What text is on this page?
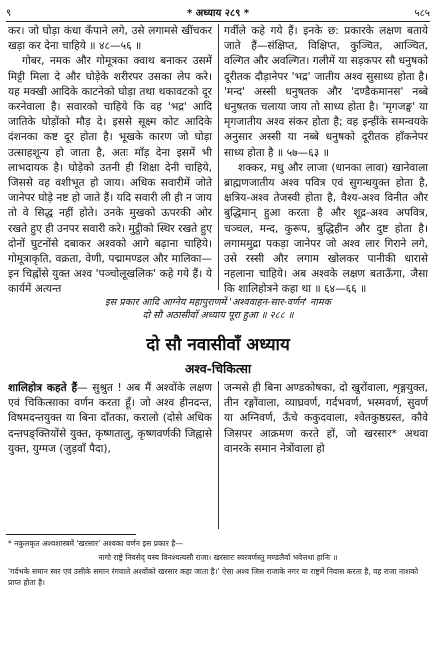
९	* अध्याय २८९ *	५८५

कर। जो घोड़ा कंधा कँपाने लगे, उसे लगामसे खींचकर खड़ा कर देना चाहिये ॥ ४८—५६ ॥

गोबर, नमक और गोमूत्रका क्वाथ बनाकर उसमें मिट्टी मिला दे और घोड़ेके शरीरपर उसका लेप करे। यह मक्खी आदिके काटनेको घोड़ा तथा थकावटको दूर करनेवाला है। सवारको चाहिये कि वह 'भद्र' आदि जातिके घोड़ोंको मौड़ दे। इससे सूक्ष्म कोट आदिके दंशनका कष्ट दूर होता है। भूखके कारण जो घोड़ा उत्साहशून्य हो जाता है, अतः माँड़ देना इसमें भी लाभदायक है। घोड़ेको उतनी ही शिक्षा देनी चाहिये, जिससे वह वशीभूत हो जाय। अधिक सवारीमें जोते जानेपर घोड़े नष्ट हो जाते हैं। यदि सवारी ली ही न जाय तो वे सिद्ध नहीं होते। उनके मुखको ऊपरकी ओर रखते हुए ही उनपर सवारी करे। मुट्ठीको स्थिर रखते हुए दोनों घुटनोंसे दबाकर अश्वको आगे बढ़ाना चाहिये। गोमूत्राकृति, वक्रता, वेणी, पद्मामण्डल और मालिका—इन चिह्नोंसे युक्त अश्व 'पञ्चोलूखलिक' कहे गये हैं। ये कार्यमें अत्यन्त

गर्वीले कहे गये हैं। इनके छ: प्रकारके लक्षण बताये जाते हैं—संक्षिप्त, विक्षिप्त, कुञ्चित, आञ्चित, वल्गित और अवल्गित। गलीमें या सड़कपर सौ धनुषको दूरीतक दौड़ानेपर 'भद्र' जातीय अश्व सुसाध्य होता है। 'मन्द' अस्सी धनुषतक और 'दण्डैकमानस' नब्बे धनुषतक चलाया जाय तो साध्य होता है। 'मृगजङ्घ' या मृगजातीय अश्व संकर होता है; वह इन्हींके समन्वयके अनुसार अस्सी या नब्बे धनुषको दूरीतक हाँकनेपर साध्य होता है ॥ ५७—६३ ॥

शक्कर, मधु और लाजा (धानका लावा) खानेवाला ब्राह्मणजातीय अश्व पवित्र एवं सुगन्धयुक्त होता है, क्षत्रिय-अश्व तेजस्वी होता है, वैश्य-अश्व विनीत और बुद्धिमान् हुआ करता है और शूद्र-अश्व अपवित्र, चञ्चल, मन्द, कुरूप, बुद्धिहीन और दुष्ट होता है। लगाममुद्रा पकड़ा जानेपर जो अश्व लार गिराने लगे, उसे रस्सी और लगाम खोलकर पानीकी धारासे नहलाना चाहिये। अब अश्वके लक्षण बताऊँगा, जैसा कि शालिहोत्रने कहा था ॥ ६४—६६ ॥

इस प्रकार आदि आग्नेय महापुराणमें 'अश्ववाहन-सार-वर्णन' नामक
दो सौ अठासीवाँ अध्याय पूरा हुआ ॥ २८८ ॥
दो सौ नवासीवाँ अध्याय
अश्व-चिकित्सा

शालिहोत्र कहते हैं— सुश्रुत ! अब मैं अश्वोंके लक्षण एवं चिकित्साका वर्णन करता हूँ। जो अश्व हीनदन्त, विषमदन्तयुक्त या बिना दाँतका, करालो (दोसे अधिक दन्तपङ्क्तियोंसे युक्त, कृष्णतालु, कृष्णवर्णकी जिह्वासे युक्त, युग्मज (जुड़वाँ पैदा),

जन्मसे ही बिना अण्डकोषका, दो खुरोंवाला, शृङ्गयुक्त, तीन रङ्गोंवाला, व्याघ्रवर्ण, गर्दभवर्ण, भस्मवर्ण, सुवर्ण या अग्निवर्ण, ऊँचे ककुदवाला, श्वेतकुष्ठग्रस्त, कौवे जिसपर आक्रमण करते हों, जो खरसार* अथवा वानरके समान नेत्रोंवाला हो

* नकुलकृत अश्वशास्त्रमें 'खरसार' अश्वका वर्णन इस प्रकार है—
नागो राष्ट्रे निवसेद् यस्य विनश्यत्यसौ राजा। खरसारः स्वरवर्णस्तु मण्डलैर्वा भवेत्तथा हानिः ॥
'गर्दभके समान स्वर एवं उसीके समान रंगवाले अश्वोंको खरसार कहा जाता है।' ऐसा अश्व जिस राजाके नगर या राष्ट्रमें निवास करता है, वह राजा नाशको प्राप्त होता है।
